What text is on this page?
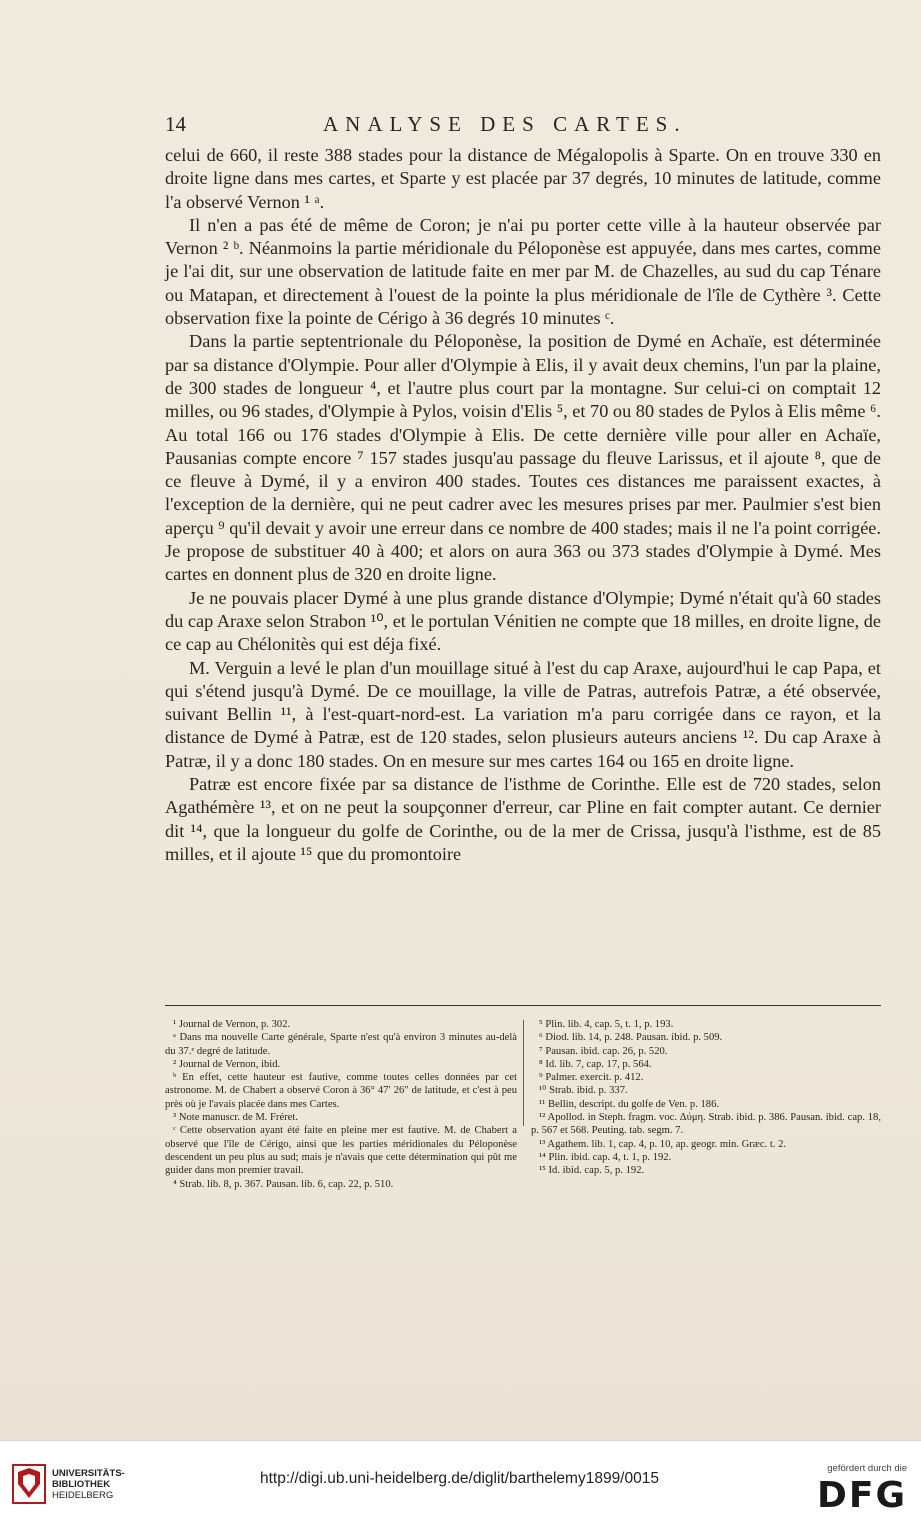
14	ANALYSE DES CARTES.

celui de 660, il reste 388 stades pour la distance de Mégalopolis à Sparte. On en trouve 330 en droite ligne dans mes cartes, et Sparte y est placée par 37 degrés, 10 minutes de latitude, comme l'a observé Vernon ¹ ᵃ.

Il n'en a pas été de même de Coron; je n'ai pu porter cette ville à la hauteur observée par Vernon ² ᵇ. Néanmoins la partie méridionale du Péloponèse est appuyée, dans mes cartes, comme je l'ai dit, sur une observation de latitude faite en mer par M. de Chazelles, au sud du cap Ténare ou Matapan, et directement à l'ouest de la pointe la plus méridionale de l'île de Cythère ³. Cette observation fixe la pointe de Cérigo à 36 degrés 10 minutes ᶜ.

Dans la partie septentrionale du Péloponèse, la position de Dymé en Achaïe, est déterminée par sa distance d'Olympie. Pour aller d'Olympie à Elis, il y avait deux chemins, l'un par la plaine, de 300 stades de longueur ⁴, et l'autre plus court par la montagne. Sur celui-ci on comptait 12 milles, ou 96 stades, d'Olympie à Pylos, voisin d'Elis ⁵, et 70 ou 80 stades de Pylos à Elis même ⁶. Au total 166 ou 176 stades d'Olympie à Elis. De cette dernière ville pour aller en Achaïe, Pausanias compte encore ⁷ 157 stades jusqu'au passage du fleuve Larissus, et il ajoute ⁸, que de ce fleuve à Dymé, il y a environ 400 stades. Toutes ces distances me paraissent exactes, à l'exception de la dernière, qui ne peut cadrer avec les mesures prises par mer. Paulmier s'est bien aperçu ⁹ qu'il devait y avoir une erreur dans ce nombre de 400 stades; mais il ne l'a point corrigée. Je propose de substituer 40 à 400; et alors on aura 363 ou 373 stades d'Olympie à Dymé. Mes cartes en donnent plus de 320 en droite ligne.

Je ne pouvais placer Dymé à une plus grande distance d'Olympie; Dymé n'était qu'à 60 stades du cap Araxe selon Strabon ¹⁰, et le portulan Vénitien ne compte que 18 milles, en droite ligne, de ce cap au Chélonitès qui est déja fixé.

M. Verguin a levé le plan d'un mouillage situé à l'est du cap Araxe, aujourd'hui le cap Papa, et qui s'étend jusqu'à Dymé. De ce mouillage, la ville de Patras, autrefois Patræ, a été observée, suivant Bellin ¹¹, à l'est-quart-nord-est. La variation m'a paru corrigée dans ce rayon, et la distance de Dymé à Patræ, est de 120 stades, selon plusieurs auteurs anciens ¹². Du cap Araxe à Patræ, il y a donc 180 stades. On en mesure sur mes cartes 164 ou 165 en droite ligne.

Patræ est encore fixée par sa distance de l'isthme de Corinthe. Elle est de 720 stades, selon Agathémère ¹³, et on ne peut la soupçonner d'erreur, car Pline en fait compter autant. Ce dernier dit ¹⁴, que la longueur du golfe de Corinthe, ou de la mer de Crissa, jusqu'à l'isthme, est de 85 milles, et il ajoute ¹⁵ que du promontoire

¹ Journal de Vernon, p. 302.

ᵃ Dans ma nouvelle Carte générale, Sparte n'est qu'à environ 3 minutes au-delà du 37.ᵉ degré de latitude.

² Journal de Vernon, ibid.

ᵇ En effet, cette hauteur est fautive, comme toutes celles données par cet astronome. M. de Chabert a observé Coron à 36° 47′ 26″ de latitude, et c'est à peu près où je l'avais placée dans mes Cartes.

³ Note manuscr. de M. Fréret.

ᶜ Cette observation ayant été faite en pleine mer est fautive. M. de Chabert a observé que l'île de Cérigo, ainsi que les parties méridionales du Péloponèse descendent un peu plus au sud; mais je n'avais que cette détermination qui pût me guider dans mon premier travail.

⁴ Strab. lib. 8, p. 367. Pausan. lib. 6, cap. 22, p. 510.

⁵ Plin. lib. 4, cap. 5, t. 1, p. 193.

⁶ Diod. lib. 14, p. 248. Pausan. ibid. p. 509.

⁷ Pausan. ibid. cap. 26, p. 520.

⁸ Id. lib. 7, cap. 17, p. 564.

⁹ Palmer. exercit. p. 412.

¹⁰ Strab. ibid. p. 337.

¹¹ Bellin, descript. du golfe de Ven. p. 186.

¹² Apollod. in Steph. fragm. voc. Δύμη. Strab. ibid. p. 386. Pausan. ibid. cap. 18, p. 567 et 568. Peuting. tab. segm. 7.

¹³ Agathem. lib. 1, cap. 4, p. 10, ap. geogr. min. Græc. t. 2.

¹⁴ Plin. ibid. cap. 4, t. 1, p. 192.

¹⁵ Id. ibid. cap. 5, p. 192.

UNIVERSITÄTS-
BIBLIOTHEK
HEIDELBERG
http://digi.ub.uni-heidelberg.de/diglit/barthelemy1899/0015
gefördert durch die
DFG
